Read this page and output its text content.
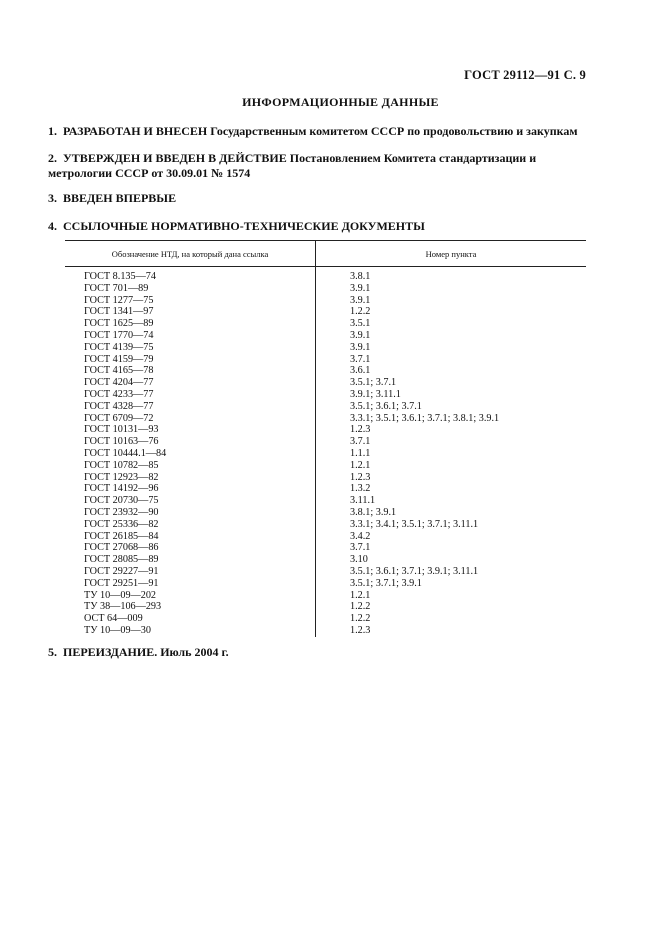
ГОСТ 29112—91 С. 9
ИНФОРМАЦИОННЫЕ ДАННЫЕ
1. РАЗРАБОТАН И ВНЕСЕН Государственным комитетом СССР по продовольствию и закупкам
2. УТВЕРЖДЕН И ВВЕДЕН В ДЕЙСТВИЕ Постановлением Комитета стандартизации и метрологии СССР от 30.09.01 № 1574
3. ВВЕДЕН ВПЕРВЫЕ
4. ССЫЛОЧНЫЕ НОРМАТИВНО-ТЕХНИЧЕСКИЕ ДОКУМЕНТЫ
Обозначение НТД, на который дана ссылка	Номер пункта
ГОСТ 8.135—74
ГОСТ 701—89
ГОСТ 1277—75
ГОСТ 1341—97
ГОСТ 1625—89
ГОСТ 1770—74
ГОСТ 4139—75
ГОСТ 4159—79
ГОСТ 4165—78
ГОСТ 4204—77
ГОСТ 4233—77
ГОСТ 4328—77
ГОСТ 6709—72
ГОСТ 10131—93
ГОСТ 10163—76
ГОСТ 10444.1—84
ГОСТ 10782—85
ГОСТ 12923—82
ГОСТ 14192—96
ГОСТ 20730—75
ГОСТ 23932—90
ГОСТ 25336—82
ГОСТ 26185—84
ГОСТ 27068—86
ГОСТ 28085—89
ГОСТ 29227—91
ГОСТ 29251—91
ТУ 10—09—202
ТУ 38—106—293
ОСТ 64—009
ТУ 10—09—30
3.8.1
3.9.1
3.9.1
1.2.2
3.5.1
3.9.1
3.9.1
3.7.1
3.6.1
3.5.1; 3.7.1
3.9.1; 3.11.1
3.5.1; 3.6.1; 3.7.1
3.3.1; 3.5.1; 3.6.1; 3.7.1; 3.8.1; 3.9.1
1.2.3
3.7.1
1.1.1
1.2.1
1.2.3
1.3.2
3.11.1
3.8.1; 3.9.1
3.3.1; 3.4.1; 3.5.1; 3.7.1; 3.11.1
3.4.2
3.7.1
3.10
3.5.1; 3.6.1; 3.7.1; 3.9.1; 3.11.1
3.5.1; 3.7.1; 3.9.1
1.2.1
1.2.2
1.2.2
1.2.3
5. ПЕРЕИЗДАНИЕ. Июль 2004 г.
